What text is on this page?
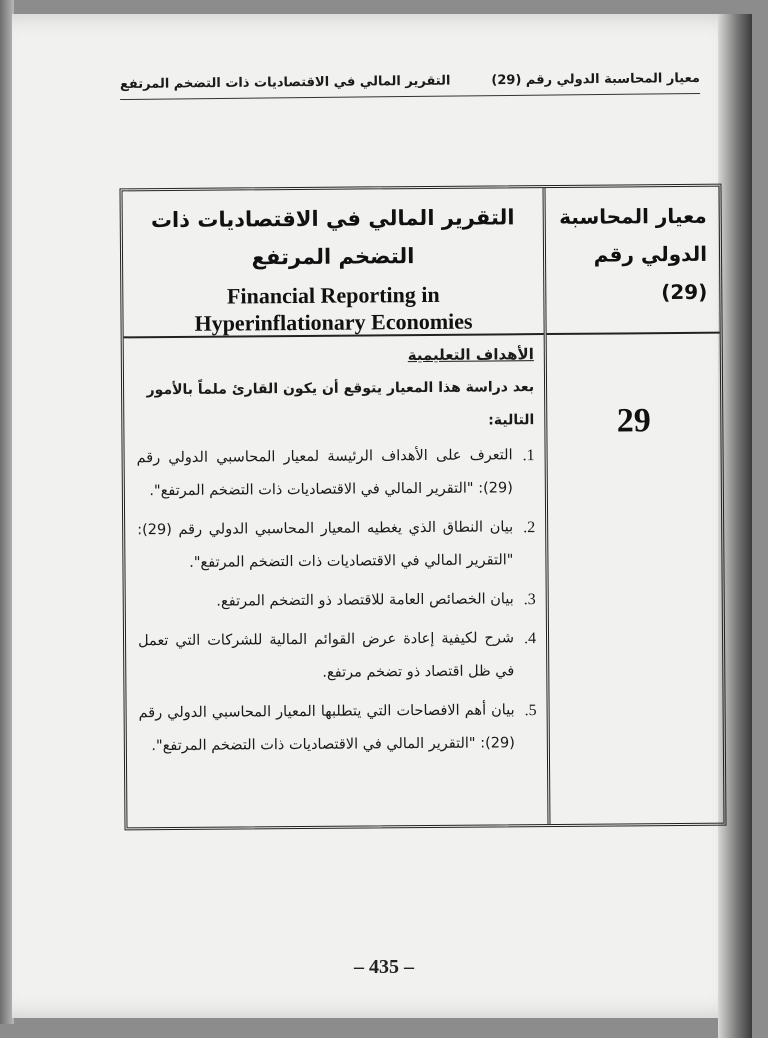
معيار المحاسبة الدولي رقم (29)
التقرير المالي في الاقتصاديات ذات التضخم المرتفع
معيار المحاسبة الدولي رقم (29)
29
التقرير المالي في الاقتصاديات ذات التضخم المرتفع
Financial Reporting in
Hyperinflationary Economies
الأهداف التعليمية
بعد دراسة هذا المعيار يتوقع أن يكون القارئ ملماً بالأمور التالية:
1.
التعرف على الأهداف الرئيسة لمعيار المحاسبي الدولي رقم (29): "التقرير المالي في الاقتصاديات ذات التضخم المرتفع".
2.
بيان النطاق الذي يغطيه المعيار المحاسبي الدولي رقم (29): "التقرير المالي في الاقتصاديات ذات التضخم المرتفع".
3.
بيان الخصائص العامة للاقتصاد ذو التضخم المرتفع.
4.
شرح لكيفية إعادة عرض القوائم المالية للشركات التي تعمل في ظل اقتصاد ذو تضخم مرتفع.
5.
بيان أهم الافصاحات التي يتطلبها المعيار المحاسبي الدولي رقم (29): "التقرير المالي في الاقتصاديات ذات التضخم المرتفع".
– 435 –
